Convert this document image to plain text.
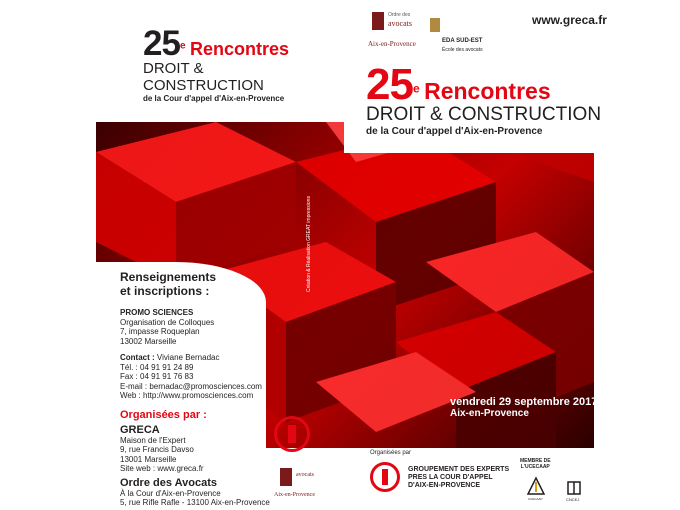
Création & Réalisation GREAT impressions
www.greca.fr
Ordre des
avocats
Aix-en-Provence	EDA SUD-EST
École des avocats
25e Rencontres
DROIT & CONSTRUCTION
de la Cour d'appel d'Aix-en-Provence	25e Rencontres
DROIT & CONSTRUCTION
de la Cour d'appel d'Aix-en-Provence
vendredi 29 septembre 2017
Aix-en-Provence
Renseignements
et inscriptions :
PROMO SCIENCES
Organisation de Colloques
7, impasse Roqueplan
13002 Marseille
Contact : Viviane Bernadac
Tél. : 04 91 91 24 89
Fax : 04 91 91 76 83
E-mail : bernadac@promosciences.com
Web : http://www.promosciences.com
Organisées par :
GRECA
Maison de l'Expert
9, rue Francis Davso
13001 Marseille
Site web : www.greca.fr
Ordre des Avocats
À la Cour d'Aix-en-Provence
5, rue Rifle Rafle - 13100 Aix-en-Provence
avocats
Aix-en-Provence
Organisées par
GROUPEMENT DES EXPERTS
PRES LA COUR D'APPEL
D'AIX-EN-PROVENCE
MEMBRE DE
L'UCECAAP
UCECAAP	CNCEJ
